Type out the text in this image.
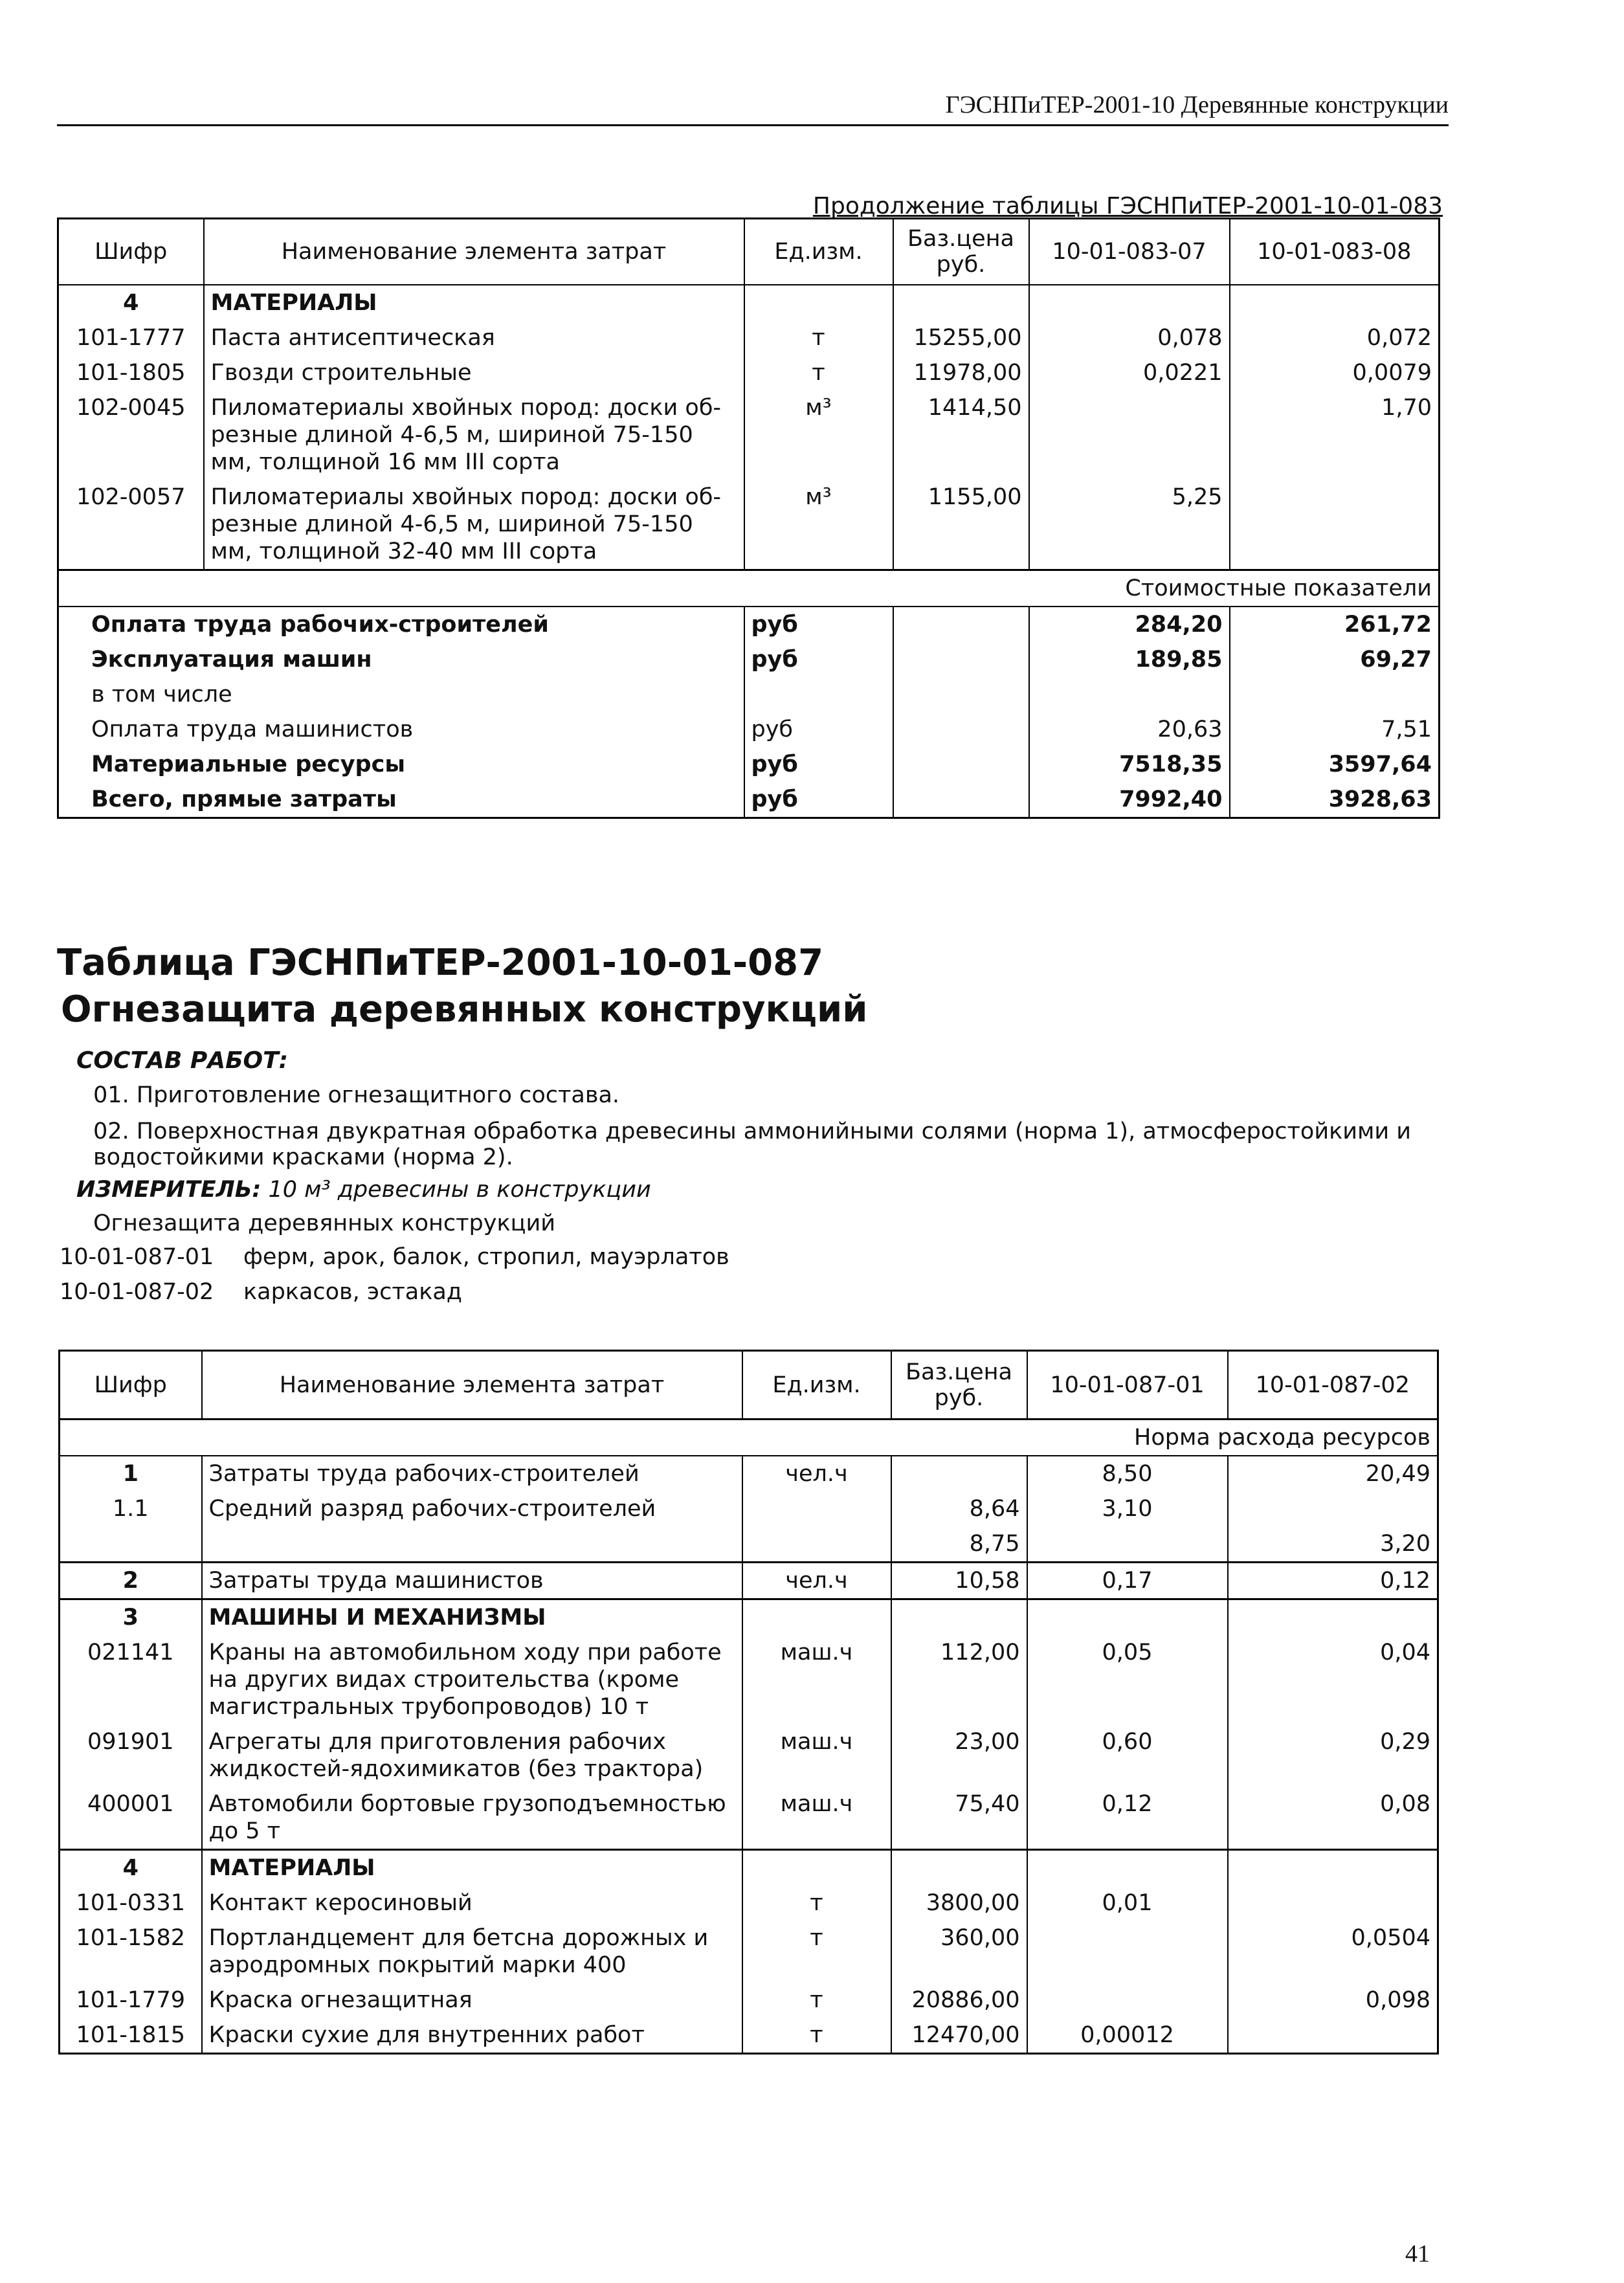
ГЭСНПиТЕР-2001-10 Деревянные конструкции
Продолжение таблицы ГЭСНПиТЕР-2001-10-01-083
Шифр	Наименование элемента затрат	Ед.изм.	Баз.цена руб.	10-01-083-07	10-01-083-08
4	МАТЕРИАЛЫ				
101-1777	Паста антисептическая	т	15255,00	0,078	0,072
101-1805	Гвозди строительные	т	11978,00	0,0221	0,0079
102-0045	Пиломатериалы хвойных пород: доски об-резные длиной 4-6,5 м, шириной 75-150 мм, толщиной 16 мм III сорта	м³	1414,50		1,70
102-0057	Пиломатериалы хвойных пород: доски об-резные длиной 4-6,5 м, шириной 75-150 мм, толщиной 32-40 мм III сорта	м³	1155,00	5,25	
Стоимостные показатели					
Оплата труда рабочих-строителей		руб		284,20	261,72
Эксплуатация машин		руб		189,85	69,27
в том числе					
Оплата труда машинистов		руб		20,63	7,51
Материальные ресурсы		руб		7518,35	3597,64
Всего, прямые затраты		руб		7992,40	3928,63
Таблица ГЭСНПиТЕР-2001-10-01-087
Огнезащита деревянных конструкций
СОСТАВ РАБОТ:
01. Приготовление огнезащитного состава.
02. Поверхностная двукратная обработка древесины аммонийными солями (норма 1), атмосферостойкими и
водостойкими красками (норма 2).
ИЗМЕРИТЕЛЬ: 10 м³ древесины в конструкции
Огнезащита деревянных конструкций
10-01-087-01 ферм, арок, балок, стропил, мауэрлатов
10-01-087-02 каркасов, эстакад
Шифр	Наименование элемента затрат	Ед.изм.	Баз.цена руб.	10-01-087-01	10-01-087-02
Норма расхода ресурсов					
1	Затраты труда рабочих-строителей	чел.ч		8,50	20,49
1.1	Средний разряд рабочих-строителей		8,64	3,10	
			8,75		3,20
2	Затраты труда машинистов	чел.ч	10,58	0,17	0,12
3	МАШИНЫ И МЕХАНИЗМЫ				
021141	Краны на автомобильном ходу при работе на других видах строительства (кроме магистральных трубопроводов) 10 т	маш.ч	112,00	0,05	0,04
091901	Агрегаты для приготовления рабочих жидкостей-ядохимикатов (без трактора)	маш.ч	23,00	0,60	0,29
400001	Автомобили бортовые грузоподъемностью до 5 т	маш.ч	75,40	0,12	0,08
4	МАТЕРИАЛЫ				
101-0331	Контакт керосиновый	т	3800,00	0,01	
101-1582	Портландцемент для бетсна дорожных и аэродромных покрытий марки 400	т	360,00		0,0504
101-1779	Краска огнезащитная	т	20886,00		0,098
101-1815	Краски сухие для внутренних работ	т	12470,00	0,00012	
41
